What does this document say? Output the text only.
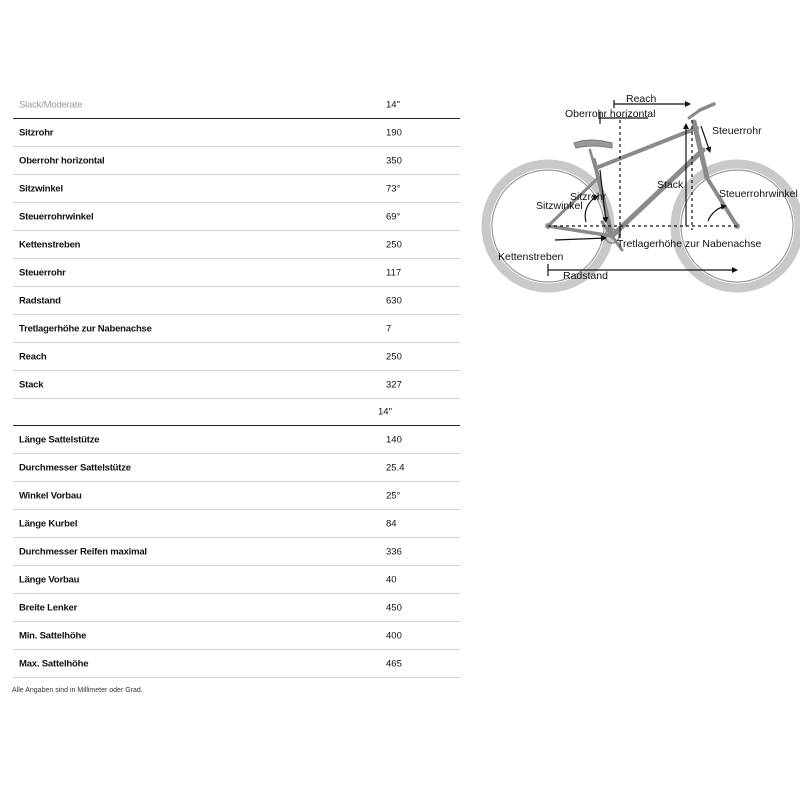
Slack/Moderate	14"
Sitzrohr	190
Oberrohr horizontal	350
Sitzwinkel	73°
Steuerrohrwinkel	69°
Kettenstreben	250
Steuerrohr	117
Radstand	630
Tretlagerhöhe zur Nabenachse	7
Reach	250
Stack	327
14"
Länge Sattelstütze	140
Durchmesser Sattelstütze	25.4
Winkel Vorbau	25°
Länge Kurbel	84
Durchmesser Reifen maximal	336
Länge Vorbau	40
Breite Lenker	450
Min. Sattelhöhe	400
Max. Sattelhöhe	465
Alle Angaben sind in Millimeter oder Grad.
Reach
Oberrohr horizontal
Steuerrohr
Stack
Sitzrohr
Sitzwinkel
Steuerrohrwinkel
Tretlagerhöhe zur Nabenachse
Kettenstreben
Radstand
